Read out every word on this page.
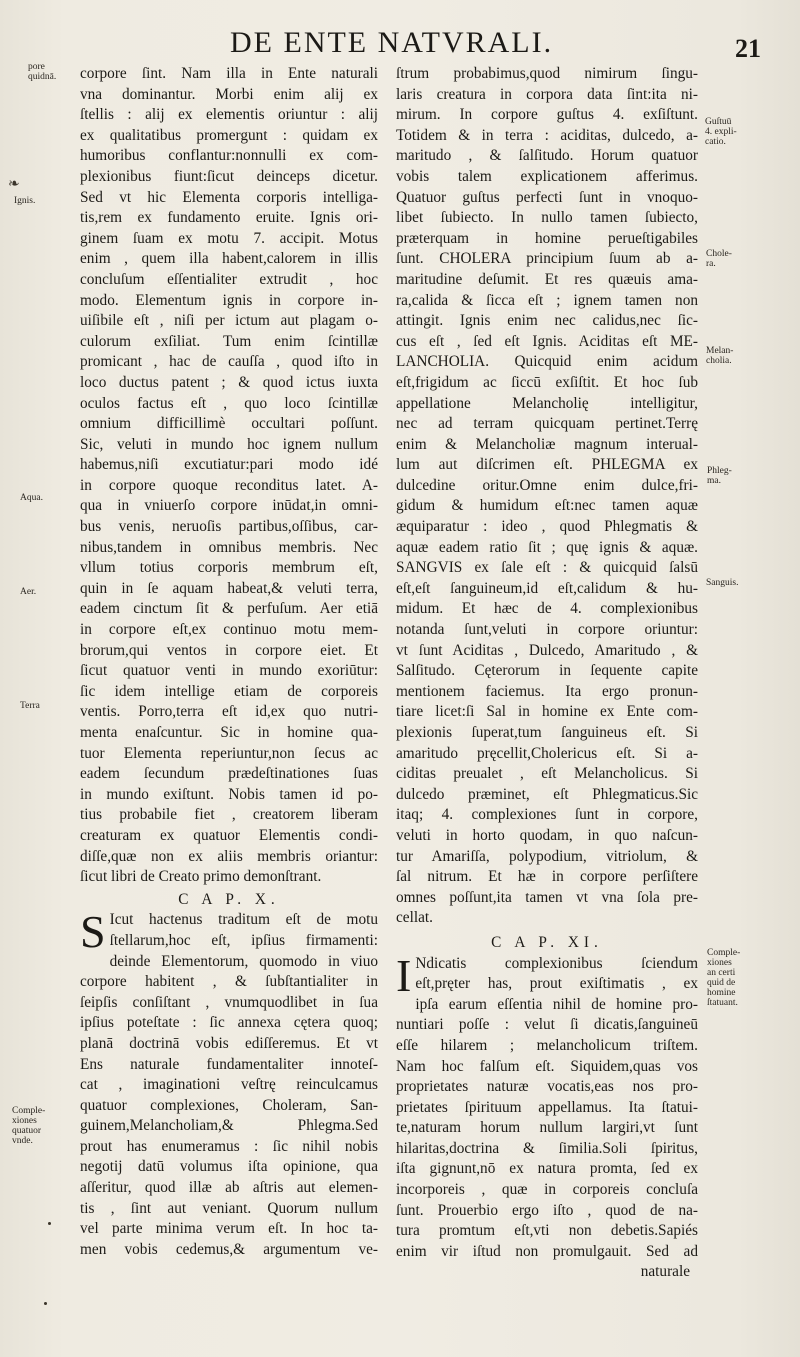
DE ENTE NATVRALI.	21
❧
corpore ſint. Nam illa in Ente naturali
vna dominantur. Morbi enim alij ex
ſtellis : alij ex elementis oriuntur : alij
ex qualitatibus promergunt : quidam ex
humoribus conflantur:nonnulli ex com-
plexionibus fiunt:ſicut deinceps dicetur.
Sed vt hic Elementa corporis intelliga-
tis,rem ex fundamento eruite. Ignis ori-
ginem ſuam ex motu 7. accipit. Motus
enim , quem illa habent,calorem in illis
concluſum eſſentialiter extrudit , hoc
modo. Elementum ignis in corpore in-
uiſibile eſt , niſi per ictum aut plagam o-
culorum exſiliat. Tum enim ſcintillæ
promicant , hac de cauſſa , quod iſto in
loco ductus patent ; & quod ictus iuxta
oculos factus eſt , quo loco ſcintillæ
omnium difficillimè occultari poſſunt.
Sic, veluti in mundo hoc ignem nullum
habemus,niſi excutiatur:pari modo idé
in corpore quoque reconditus latet. A-
qua in vniuerſo corpore inūdat,in omni-
bus venis, neruoſis partibus,oſſibus, car-
nibus,tandem in omnibus membris. Nec
vllum totius corporis membrum eſt,
quin in ſe aquam habeat,& veluti terra,
eadem cinctum ſit & perfuſum. Aer etiā
in corpore eſt,ex continuo motu mem-
brorum,qui ventos in corpore eiet. Et
ſicut quatuor venti in mundo exoriūtur:
ſic idem intellige etiam de corporeis
ventis. Porro,terra eſt id,ex quo nutri-
menta enaſcuntur. Sic in homine qua-
tuor Elementa reperiuntur,non ſecus ac
eadem ſecundum prædeſtinationes ſuas
in mundo exiſtunt. Nobis tamen id po-
tius probabile fiet , creatorem liberam
creaturam ex quatuor Elementis condi-
diſſe,quæ non ex aliis membris oriantur:
ſicut libri de Creato primo demonſtrant.
C A P. X.
S Icut hactenus traditum eſt de motu
ſtellarum,hoc eſt, ipſius firmamenti:
deinde Elementorum, quomodo in viuo
corpore habitent , & ſubſtantialiter in
ſeipſis conſiſtant , vnumquodlibet in ſua
ipſius poteſtate : ſic annexa cętera quoq;
planā doctrinā vobis ediſſeremus. Et vt
Ens naturale fundamentaliter innoteſ-
cat , imaginationi veſtrę reinculcamus
quatuor complexiones, Choleram, San-
guinem,Melancholiam,& Phlegma.Sed
prout has enumeramus : ſic nihil nobis
negotij datū volumus iſta opinione, qua
aſſeritur, quod illæ ab aſtris aut elemen-
tis , ſint aut veniant. Quorum nullum
vel parte minima verum eſt. In hoc ta-
men vobis cedemus,& argumentum ve-
ſtrum probabimus,quod nimirum ſingu-
laris creatura in corpora data ſint:ita ni-
mirum. In corpore guſtus 4. exſiſtunt.
Totidem & in terra : aciditas, dulcedo, a-
maritudo , & ſalſitudo. Horum quatuor
vobis talem explicationem afferimus.
Quatuor guſtus perfecti ſunt in vnoquo-
libet ſubiecto. In nullo tamen ſubiecto,
præterquam in homine perueſtigabiles
ſunt. CHOLERA principium ſuum ab a-
maritudine deſumit. Et res quæuis ama-
ra,calida & ſicca eſt ; ignem tamen non
attingit. Ignis enim nec calidus,nec ſic-
cus eſt , ſed eſt Ignis. Aciditas eſt ME-
LANCHOLIA. Quicquid enim acidum
eſt,frigidum ac ſiccū exſiſtit. Et hoc ſub
appellatione Melancholię intelligitur,
nec ad terram quicquam pertinet.Terrę
enim & Melancholiæ magnum interual-
lum aut diſcrimen eſt. PHLEGMA ex
dulcedine oritur.Omne enim dulce,fri-
gidum & humidum eſt:nec tamen aquæ
æquiparatur : ideo , quod Phlegmatis &
aquæ eadem ratio ſit ; quę ignis & aquæ.
SANGVIS ex ſale eſt : & quicquid ſalsū
eſt,eſt ſanguineum,id eſt,calidum & hu-
midum. Et hæc de 4. complexionibus
notanda ſunt,veluti in corpore oriuntur:
vt ſunt Aciditas , Dulcedo, Amaritudo , &
Salſitudo. Cęterorum in ſequente capite
mentionem faciemus. Ita ergo pronun-
tiare licet:ſi Sal in homine ex Ente com-
plexionis ſuperat,tum ſanguineus eſt. Si
amaritudo pręcellit,Cholericus eſt. Si a-
ciditas preualet , eſt Melancholicus. Si
dulcedo præminet, eſt Phlegmaticus.Sic
itaq; 4. complexiones ſunt in corpore,
veluti in horto quodam, in quo naſcun-
tur Amariſſa, polypodium, vitriolum, &
ſal nitrum. Et hæ in corpore perſiſtere
omnes poſſunt,ita tamen vt vna ſola pre-
cellat.
C A P. XI.
I Ndicatis complexionibus ſciendum
eſt,pręter has, prout exiſtimatis , ex
ipſa earum eſſentia nihil de homine pro-
nuntiari poſſe : velut ſi dicatis,ſanguineū
eſſe hilarem ; melancholicum triſtem.
Nam hoc falſum eſt. Siquidem,quas vos
proprietates naturæ vocatis,eas nos pro-
prietates ſpirituum appellamus. Ita ſtatui-
te,naturam horum nullum largiri,vt ſunt
hilaritas,doctrina & ſimilia.Soli ſpiritus,
iſta gignunt,nō ex natura promta, ſed ex
incorporeis , quæ in corporeis concluſa
ſunt. Prouerbio ergo iſto , quod de na-
tura promtum eſt,vti non debetis.Sapiés
enim vir iſtud non promulgauit. Sed ad
naturale
pore
quidnā.
Ignis.
Aqua.
Aer.
Terra
Comple-
xiones
quatuor
vnde.
Guſtuū
4. expli-
catio.
Chole-
ra.
Melan-
cholia.
Phleg-
ma.
Sanguis.
Comple-
xiones
an certi
quid de
homine
ſtatuant.
